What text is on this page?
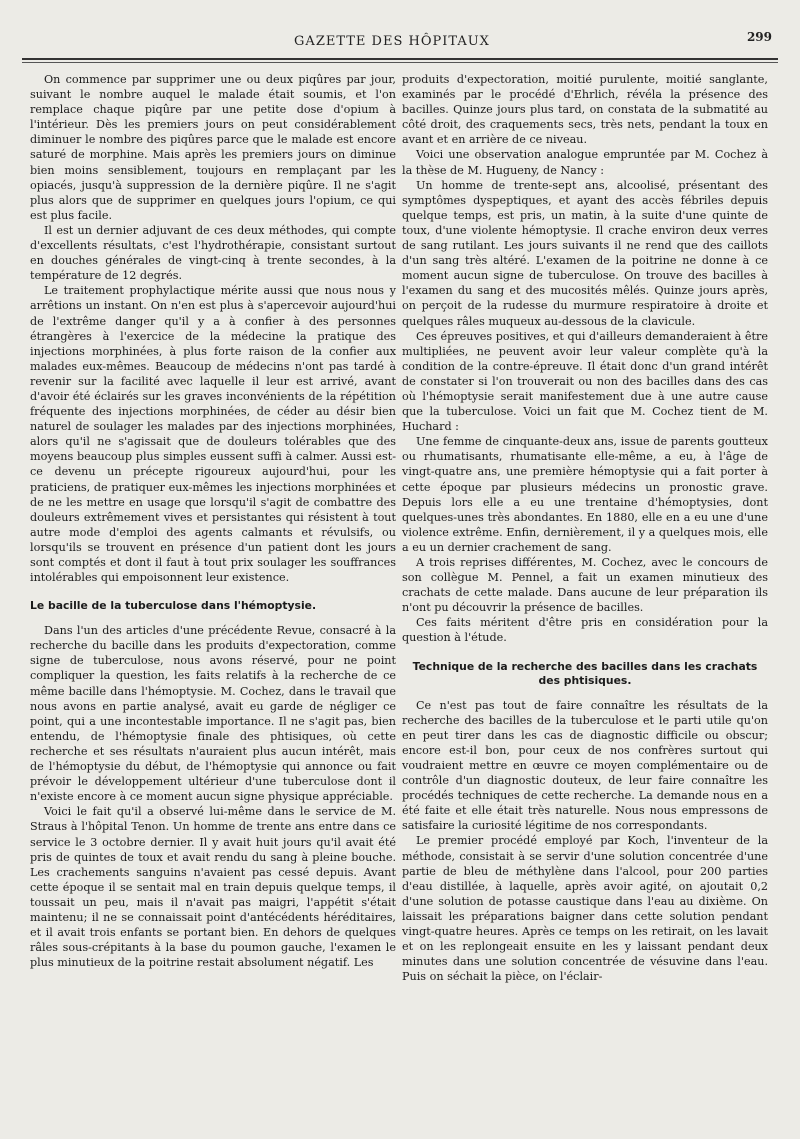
GAZETTE DES HÔPITAUX	299

On commence par supprimer une ou deux piqûres par jour, suivant le nombre auquel le malade était soumis, et l'on remplace chaque piqûre par une petite dose d'opium à l'intérieur. Dès les premiers jours on peut considérablement diminuer le nombre des piqûres parce que le malade est encore saturé de morphine. Mais après les premiers jours on diminue bien moins sensiblement, toujours en remplaçant par les opiacés, jusqu'à suppression de la dernière piqûre. Il ne s'agit plus alors que de supprimer en quelques jours l'opium, ce qui est plus facile.

Il est un dernier adjuvant de ces deux méthodes, qui compte d'excellents résultats, c'est l'hydrothérapie, consistant surtout en douches générales de vingt-cinq à trente secondes, à la température de 12 degrés.

Le traitement prophylactique mérite aussi que nous nous y arrêtions un instant. On n'en est plus à s'apercevoir aujourd'hui de l'extrême danger qu'il y a à confier à des personnes étrangères à l'exercice de la médecine la pratique des injections morphinées, à plus forte raison de la confier aux malades eux-mêmes. Beaucoup de médecins n'ont pas tardé à revenir sur la facilité avec laquelle il leur est arrivé, avant d'avoir été éclairés sur les graves inconvénients de la répétition fréquente des injections morphinées, de céder au désir bien naturel de soulager les malades par des injections morphinées, alors qu'il ne s'agissait que de douleurs tolérables que des moyens beaucoup plus simples eussent suffi à calmer. Aussi est-ce devenu un précepte rigoureux aujourd'hui, pour les praticiens, de pratiquer eux-mêmes les injections morphinées et de ne les mettre en usage que lorsqu'il s'agit de combattre des douleurs extrêmement vives et persistantes qui résistent à tout autre mode d'emploi des agents calmants et révulsifs, ou lorsqu'ils se trouvent en présence d'un patient dont les jours sont comptés et dont il faut à tout prix soulager les souffrances intolérables qui empoisonnent leur existence.

Le bacille de la tuberculose dans l'hémoptysie.

Dans l'un des articles d'une précédente Revue, consacré à la recherche du bacille dans les produits d'expectoration, comme signe de tuberculose, nous avons réservé, pour ne point compliquer la question, les faits relatifs à la recherche de ce même bacille dans l'hémoptysie. M. Cochez, dans le travail que nous avons en partie analysé, avait eu garde de négliger ce point, qui a une incontestable importance. Il ne s'agit pas, bien entendu, de l'hémoptysie finale des phtisiques, où cette recherche et ses résultats n'auraient plus aucun intérêt, mais de l'hémoptysie du début, de l'hémoptysie qui annonce ou fait prévoir le développement ultérieur d'une tuberculose dont il n'existe encore à ce moment aucun signe physique appréciable.

Voici le fait qu'il a observé lui-même dans le service de M. Straus à l'hôpital Tenon. Un homme de trente ans entre dans ce service le 3 octobre dernier. Il y avait huit jours qu'il avait été pris de quintes de toux et avait rendu du sang à pleine bouche. Les crachements sanguins n'avaient pas cessé depuis. Avant cette époque il se sentait mal en train depuis quelque temps, il toussait un peu, mais il n'avait pas maigri, l'appétit s'était maintenu; il ne se connaissait point d'antécédents héréditaires, et il avait trois enfants se portant bien. En dehors de quelques râles sous-crépitants à la base du poumon gauche, l'examen le plus minutieux de la poitrine restait absolument négatif. Les

produits d'expectoration, moitié purulente, moitié sanglante, examinés par le procédé d'Ehrlich, révéla la présence des bacilles. Quinze jours plus tard, on constata de la submatité au côté droit, des craquements secs, très nets, pendant la toux en avant et en arrière de ce niveau.

Voici une observation analogue empruntée par M. Cochez à la thèse de M. Hugueny, de Nancy :

Un homme de trente-sept ans, alcoolisé, présentant des symptômes dyspeptiques, et ayant des accès fébriles depuis quelque temps, est pris, un matin, à la suite d'une quinte de toux, d'une violente hémoptysie. Il crache environ deux verres de sang rutilant. Les jours suivants il ne rend que des caillots d'un sang très altéré. L'examen de la poitrine ne donne à ce moment aucun signe de tuberculose. On trouve des bacilles à l'examen du sang et des mucosités mêlés. Quinze jours après, on perçoit de la rudesse du murmure respiratoire à droite et quelques râles muqueux au-dessous de la clavicule.

Ces épreuves positives, et qui d'ailleurs demanderaient à être multipliées, ne peuvent avoir leur valeur complète qu'à la condition de la contre-épreuve. Il était donc d'un grand intérêt de constater si l'on trouverait ou non des bacilles dans des cas où l'hémoptysie serait manifestement due à une autre cause que la tuberculose. Voici un fait que M. Cochez tient de M. Huchard :

Une femme de cinquante-deux ans, issue de parents goutteux ou rhumatisants, rhumatisante elle-même, a eu, à l'âge de vingt-quatre ans, une première hémoptysie qui a fait porter à cette époque par plusieurs médecins un pronostic grave. Depuis lors elle a eu une trentaine d'hémoptysies, dont quelques-unes très abondantes. En 1880, elle en a eu une d'une violence extrême. Enfin, dernièrement, il y a quelques mois, elle a eu un dernier crachement de sang.

A trois reprises différentes, M. Cochez, avec le concours de son collègue M. Pennel, a fait un examen minutieux des crachats de cette malade. Dans aucune de leur préparation ils n'ont pu découvrir la présence de bacilles.

Ces faits méritent d'être pris en considération pour la question à l'étude.

Technique de la recherche des bacilles dans les crachats des phtisiques.

Ce n'est pas tout de faire connaître les résultats de la recherche des bacilles de la tuberculose et le parti utile qu'on en peut tirer dans les cas de diagnostic difficile ou obscur; encore est-il bon, pour ceux de nos confrères surtout qui voudraient mettre en œuvre ce moyen complémentaire ou de contrôle d'un diagnostic douteux, de leur faire connaître les procédés techniques de cette recherche. La demande nous en a été faite et elle était très naturelle. Nous nous empressons de satisfaire la curiosité légitime de nos correspondants.

Le premier procédé employé par Koch, l'inventeur de la méthode, consistait à se servir d'une solution concentrée d'une partie de bleu de méthylène dans l'alcool, pour 200 parties d'eau distillée, à laquelle, après avoir agité, on ajoutait 0,2 d'une solution de potasse caustique dans l'eau au dixième. On laissait les préparations baigner dans cette solution pendant vingt-quatre heures. Après ce temps on les retirait, on les lavait et on les replongeait ensuite en les y laissant pendant deux minutes dans une solution concentrée de vésuvine dans l'eau. Puis on séchait la pièce, on l'éclair-
